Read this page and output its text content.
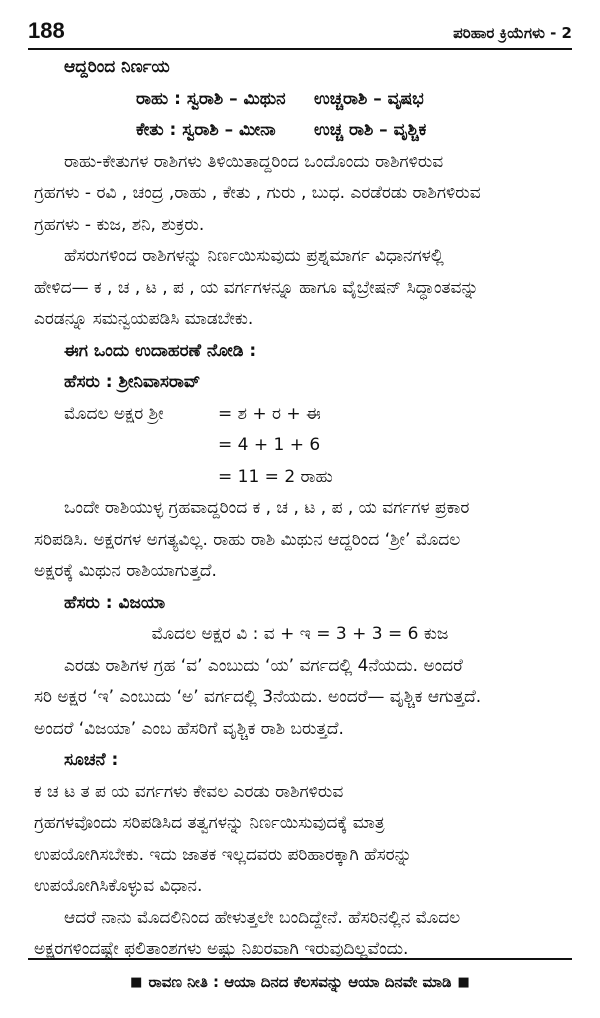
188	ಪರಿಹಾರ ಕ್ರಿಯೆಗಳು - 2
ಆದ್ದರಿಂದ ನಿರ್ಣಯ
ರಾಹು : ಸ್ವರಾಶಿ – ಮಿಥುನ	ಉಚ್ಚರಾಶಿ – ವೃಷಭ
ಕೇತು : ಸ್ವರಾಶಿ – ಮೀನಾ	ಉಚ್ಚ ರಾಶಿ – ವೃಶ್ಚಿಕ
ರಾಹು-ಕೇತುಗಳ ರಾಶಿಗಳು ತಿಳಿಯಿತಾದ್ದರಿಂದ ಒಂದೊಂದು ರಾಶಿಗಳಿರುವ
ಗ್ರಹಗಳು - ರವಿ , ಚಂದ್ರ ,ರಾಹು , ಕೇತು , ಗುರು , ಬುಧ. ಎರಡೆರಡು ರಾಶಿಗಳಿರುವ
ಗ್ರಹಗಳು - ಕುಜ, ಶನಿ, ಶುಕ್ರರು.
ಹೆಸರುಗಳಿಂದ ರಾಶಿಗಳನ್ನು ನಿರ್ಣಯಿಸುವುದು ಪ್ರಶ್ನಮಾರ್ಗ ವಿಧಾನಗಳಲ್ಲಿ
ಹೇಳಿದ— ಕ , ಚ , ಟ , ಪ , ಯ ವರ್ಗಗಳನ್ನೂ ಹಾಗೂ ವೈಬ್ರೇಷನ್ ಸಿದ್ಧಾಂತವನ್ನು
ಎರಡನ್ನೂ ಸಮನ್ವಯಪಡಿಸಿ ಮಾಡಬೇಕು.
ಈಗ ಒಂದು ಉದಾಹರಣೆ ನೋಡಿ :
ಹೆಸರು : ಶ್ರೀನಿವಾಸರಾವ್
ಮೊದಲ ಅಕ್ಷರ ಶ್ರೀ	= ಶ + ರ + ಈ
= 4 + 1 + 6
= 11 = 2 ರಾಹು
ಒಂದೇ ರಾಶಿಯುಳ್ಳ ಗ್ರಹವಾದ್ದರಿಂದ ಕ , ಚ , ಟ , ಪ , ಯ ವರ್ಗಗಳ ಪ್ರಕಾರ
ಸರಿಪಡಿಸಿ. ಅಕ್ಷರಗಳ ಅಗತ್ಯವಿಲ್ಲ. ರಾಹು ರಾಶಿ ಮಿಥುನ ಆದ್ದರಿಂದ ‘ಶ್ರೀ’ ಮೊದಲ
ಅಕ್ಷರಕ್ಕೆ ಮಿಥುನ ರಾಶಿಯಾಗುತ್ತದೆ.
ಹೆಸರು : ವಿಜಯಾ
ಮೊದಲ ಅಕ್ಷರ ವಿ : ವ + ಇ = 3 + 3 = 6 ಕುಜ
ಎರಡು ರಾಶಿಗಳ ಗ್ರಹ ‘ವ’ ಎಂಬುದು ‘ಯ’ ವರ್ಗದಲ್ಲಿ 4ನೆಯದು. ಅಂದರೆ
ಸರಿ ಅಕ್ಷರ ‘ಇ’ ಎಂಬುದು ‘ಅ’ ವರ್ಗದಲ್ಲಿ 3ನೆಯದು. ಅಂದರೆ— ವೃಶ್ಚಿಕ ಆಗುತ್ತದೆ.
ಅಂದರೆ ‘ವಿಜಯಾ’ ಎಂಬ ಹೆಸರಿಗೆ ವೃಶ್ಚಿಕ ರಾಶಿ ಬರುತ್ತದೆ.
ಸೂಚನೆ :
ಕ ಚ ಟ ತ ಪ ಯ ವರ್ಗಗಳು ಕೇವಲ ಎರಡು ರಾಶಿಗಳಿರುವ
ಗ್ರಹಗಳವೊಂದು ಸರಿಪಡಿಸಿದ ತತ್ವಗಳನ್ನು ನಿರ್ಣಯಿಸುವುದಕ್ಕೆ ಮಾತ್ರ
ಉಪಯೋಗಿಸಬೇಕು. ಇದು ಜಾತಕ ಇಲ್ಲದವರು ಪರಿಹಾರಕ್ಕಾಗಿ ಹೆಸರನ್ನು
ಉಪಯೋಗಿಸಿಕೊಳ್ಳುವ ವಿಧಾನ.
ಆದರೆ ನಾನು ಮೊದಲಿನಿಂದ ಹೇಳುತ್ತಲೇ ಬಂದಿದ್ದೇನೆ. ಹೆಸರಿನಲ್ಲಿನ ಮೊದಲ
ಅಕ್ಷರಗಳಿಂದಷ್ಟೇ ಫಲಿತಾಂಶಗಳು ಅಷ್ಟು ನಿಖರವಾಗಿ ಇರುವುದಿಲ್ಲವೆಂದು.
■ ರಾವಣ ನೀತಿ : ಆಯಾ ದಿನದ ಕೆಲಸವನ್ನು ಆಯಾ ದಿನವೇ ಮಾಡಿ ■
